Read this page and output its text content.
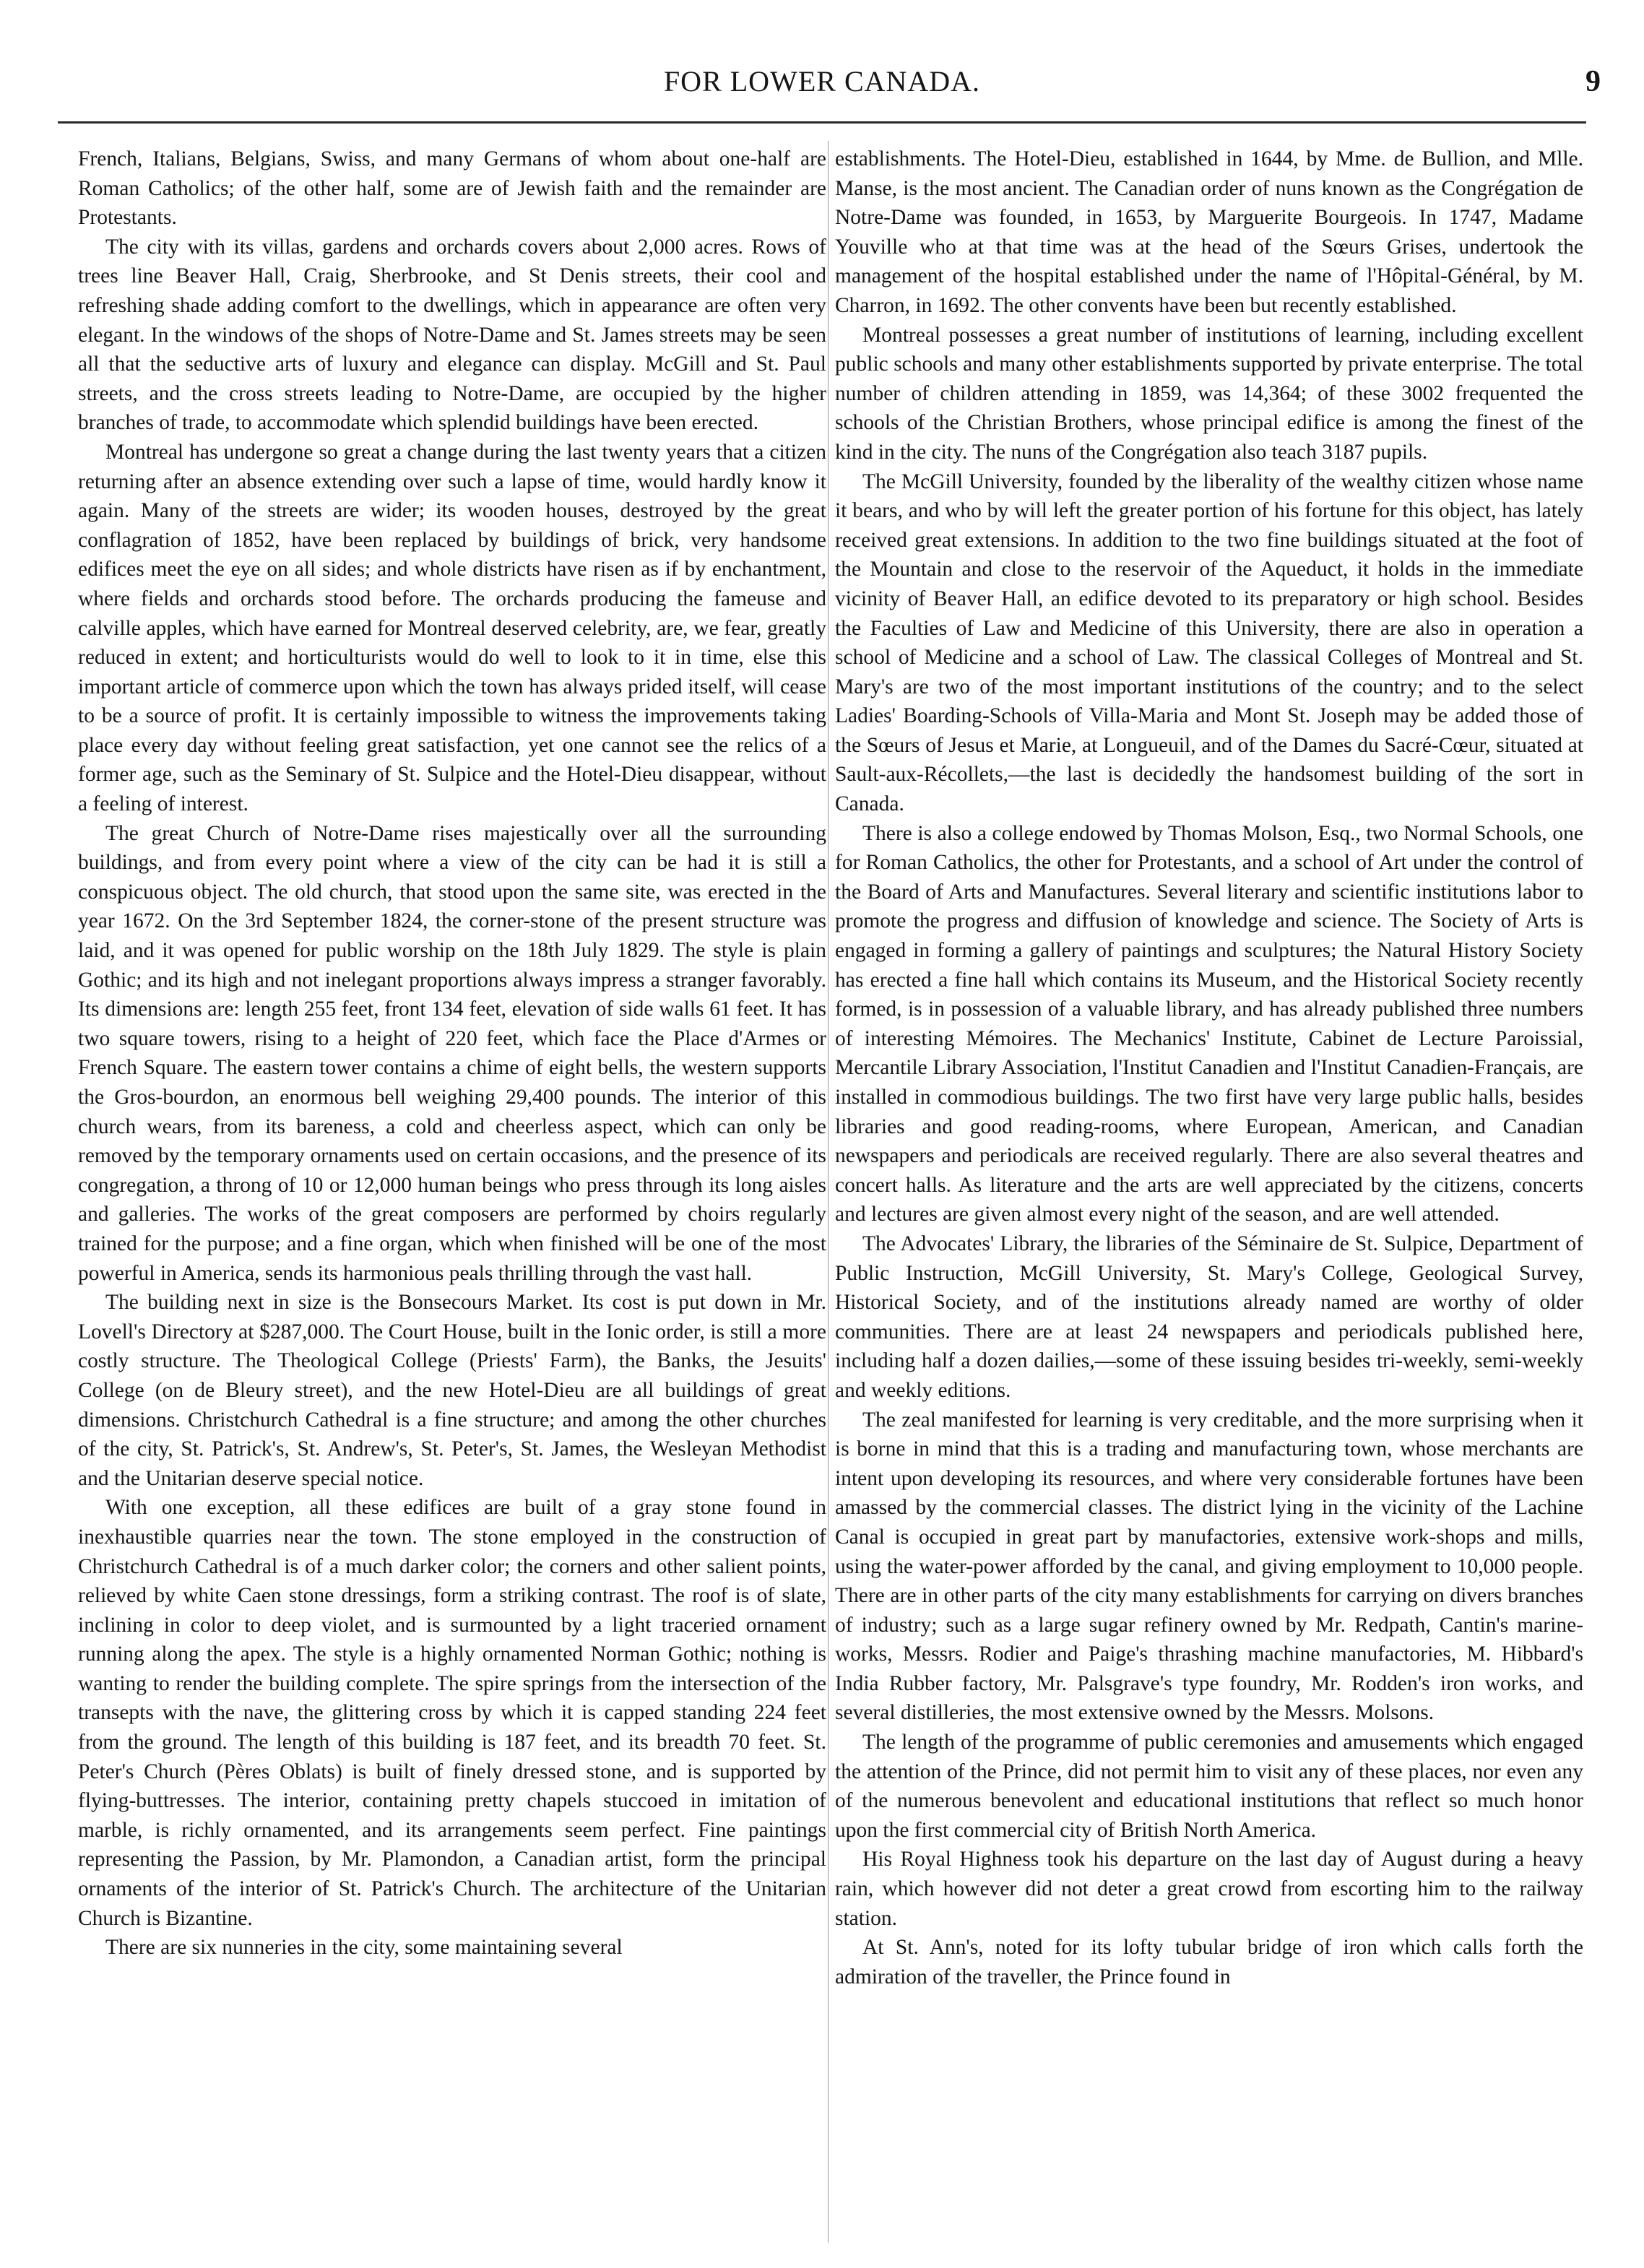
FOR LOWER CANADA.	9

French, Italians, Belgians, Swiss, and many Germans of whom about one-half are Roman Catholics; of the other half, some are of Jewish faith and the remainder are Protestants.

The city with its villas, gardens and orchards covers about 2,000 acres. Rows of trees line Beaver Hall, Craig, Sherbrooke, and St Denis streets, their cool and refreshing shade adding comfort to the dwellings, which in appearance are often very elegant. In the windows of the shops of Notre-Dame and St. James streets may be seen all that the seductive arts of luxury and elegance can display. McGill and St. Paul streets, and the cross streets leading to Notre-Dame, are occupied by the higher branches of trade, to accommodate which splendid buildings have been erected.

Montreal has undergone so great a change during the last twenty years that a citizen returning after an absence extending over such a lapse of time, would hardly know it again. Many of the streets are wider; its wooden houses, destroyed by the great conflagration of 1852, have been replaced by buildings of brick, very handsome edifices meet the eye on all sides; and whole districts have risen as if by enchantment, where fields and orchards stood before. The orchards producing the fameuse and calville apples, which have earned for Montreal deserved celebrity, are, we fear, greatly reduced in extent; and horticulturists would do well to look to it in time, else this important article of commerce upon which the town has always prided itself, will cease to be a source of profit. It is certainly impossible to witness the improvements taking place every day without feeling great satisfaction, yet one cannot see the relics of a former age, such as the Seminary of St. Sulpice and the Hotel-Dieu disappear, without a feeling of interest.

The great Church of Notre-Dame rises majestically over all the surrounding buildings, and from every point where a view of the city can be had it is still a conspicuous object. The old church, that stood upon the same site, was erected in the year 1672. On the 3rd September 1824, the corner-stone of the present structure was laid, and it was opened for public worship on the 18th July 1829. The style is plain Gothic; and its high and not inelegant proportions always impress a stranger favorably. Its dimensions are: length 255 feet, front 134 feet, elevation of side walls 61 feet. It has two square towers, rising to a height of 220 feet, which face the Place d'Armes or French Square. The eastern tower contains a chime of eight bells, the western supports the Gros-bourdon, an enormous bell weighing 29,400 pounds. The interior of this church wears, from its bareness, a cold and cheerless aspect, which can only be removed by the temporary ornaments used on certain occasions, and the presence of its congregation, a throng of 10 or 12,000 human beings who press through its long aisles and galleries. The works of the great composers are performed by choirs regularly trained for the purpose; and a fine organ, which when finished will be one of the most powerful in America, sends its harmonious peals thrilling through the vast hall.

The building next in size is the Bonsecours Market. Its cost is put down in Mr. Lovell's Directory at $287,000. The Court House, built in the Ionic order, is still a more costly structure. The Theological College (Priests' Farm), the Banks, the Jesuits' College (on de Bleury street), and the new Hotel-Dieu are all buildings of great dimensions. Christchurch Cathedral is a fine structure; and among the other churches of the city, St. Patrick's, St. Andrew's, St. Peter's, St. James, the Wesleyan Methodist and the Unitarian deserve special notice.

With one exception, all these edifices are built of a gray stone found in inexhaustible quarries near the town. The stone employed in the construction of Christchurch Cathedral is of a much darker color; the corners and other salient points, relieved by white Caen stone dressings, form a striking contrast. The roof is of slate, inclining in color to deep violet, and is surmounted by a light traceried ornament running along the apex. The style is a highly ornamented Norman Gothic; nothing is wanting to render the building complete. The spire springs from the intersection of the transepts with the nave, the glittering cross by which it is capped standing 224 feet from the ground. The length of this building is 187 feet, and its breadth 70 feet. St. Peter's Church (Pères Oblats) is built of finely dressed stone, and is supported by flying-buttresses. The interior, containing pretty chapels stuccoed in imitation of marble, is richly ornamented, and its arrangements seem perfect. Fine paintings representing the Passion, by Mr. Plamondon, a Canadian artist, form the principal ornaments of the interior of St. Patrick's Church. The architecture of the Unitarian Church is Bizantine.

There are six nunneries in the city, some maintaining several

establishments. The Hotel-Dieu, established in 1644, by Mme. de Bullion, and Mlle. Manse, is the most ancient. The Canadian order of nuns known as the Congrégation de Notre-Dame was founded, in 1653, by Marguerite Bourgeois. In 1747, Madame Youville who at that time was at the head of the Sœurs Grises, undertook the management of the hospital established under the name of l'Hôpital-Général, by M. Charron, in 1692. The other convents have been but recently established.

Montreal possesses a great number of institutions of learning, including excellent public schools and many other establishments supported by private enterprise. The total number of children attending in 1859, was 14,364; of these 3002 frequented the schools of the Christian Brothers, whose principal edifice is among the finest of the kind in the city. The nuns of the Congrégation also teach 3187 pupils.

The McGill University, founded by the liberality of the wealthy citizen whose name it bears, and who by will left the greater portion of his fortune for this object, has lately received great extensions. In addition to the two fine buildings situated at the foot of the Mountain and close to the reservoir of the Aqueduct, it holds in the immediate vicinity of Beaver Hall, an edifice devoted to its preparatory or high school. Besides the Faculties of Law and Medicine of this University, there are also in operation a school of Medicine and a school of Law. The classical Colleges of Montreal and St. Mary's are two of the most important institutions of the country; and to the select Ladies' Boarding-Schools of Villa-Maria and Mont St. Joseph may be added those of the Sœurs of Jesus et Marie, at Longueuil, and of the Dames du Sacré-Cœur, situated at Sault-aux-Récollets,—the last is decidedly the handsomest building of the sort in Canada.

There is also a college endowed by Thomas Molson, Esq., two Normal Schools, one for Roman Catholics, the other for Protestants, and a school of Art under the control of the Board of Arts and Manufactures. Several literary and scientific institutions labor to promote the progress and diffusion of knowledge and science. The Society of Arts is engaged in forming a gallery of paintings and sculptures; the Natural History Society has erected a fine hall which contains its Museum, and the Historical Society recently formed, is in possession of a valuable library, and has already published three numbers of interesting Mémoires. The Mechanics' Institute, Cabinet de Lecture Paroissial, Mercantile Library Association, l'Institut Canadien and l'Institut Canadien-Français, are installed in commodious buildings. The two first have very large public halls, besides libraries and good reading-rooms, where European, American, and Canadian newspapers and periodicals are received regularly. There are also several theatres and concert halls. As literature and the arts are well appreciated by the citizens, concerts and lectures are given almost every night of the season, and are well attended.

The Advocates' Library, the libraries of the Séminaire de St. Sulpice, Department of Public Instruction, McGill University, St. Mary's College, Geological Survey, Historical Society, and of the institutions already named are worthy of older communities. There are at least 24 newspapers and periodicals published here, including half a dozen dailies,—some of these issuing besides tri-weekly, semi-weekly and weekly editions.

The zeal manifested for learning is very creditable, and the more surprising when it is borne in mind that this is a trading and manufacturing town, whose merchants are intent upon developing its resources, and where very considerable fortunes have been amassed by the commercial classes. The district lying in the vicinity of the Lachine Canal is occupied in great part by manufactories, extensive work-shops and mills, using the water-power afforded by the canal, and giving employment to 10,000 people. There are in other parts of the city many establishments for carrying on divers branches of industry; such as a large sugar refinery owned by Mr. Redpath, Cantin's marine-works, Messrs. Rodier and Paige's thrashing machine manufactories, M. Hibbard's India Rubber factory, Mr. Palsgrave's type foundry, Mr. Rodden's iron works, and several distilleries, the most extensive owned by the Messrs. Molsons.

The length of the programme of public ceremonies and amusements which engaged the attention of the Prince, did not permit him to visit any of these places, nor even any of the numerous benevolent and educational institutions that reflect so much honor upon the first commercial city of British North America.

His Royal Highness took his departure on the last day of August during a heavy rain, which however did not deter a great crowd from escorting him to the railway station.

At St. Ann's, noted for its lofty tubular bridge of iron which calls forth the admiration of the traveller, the Prince found in
